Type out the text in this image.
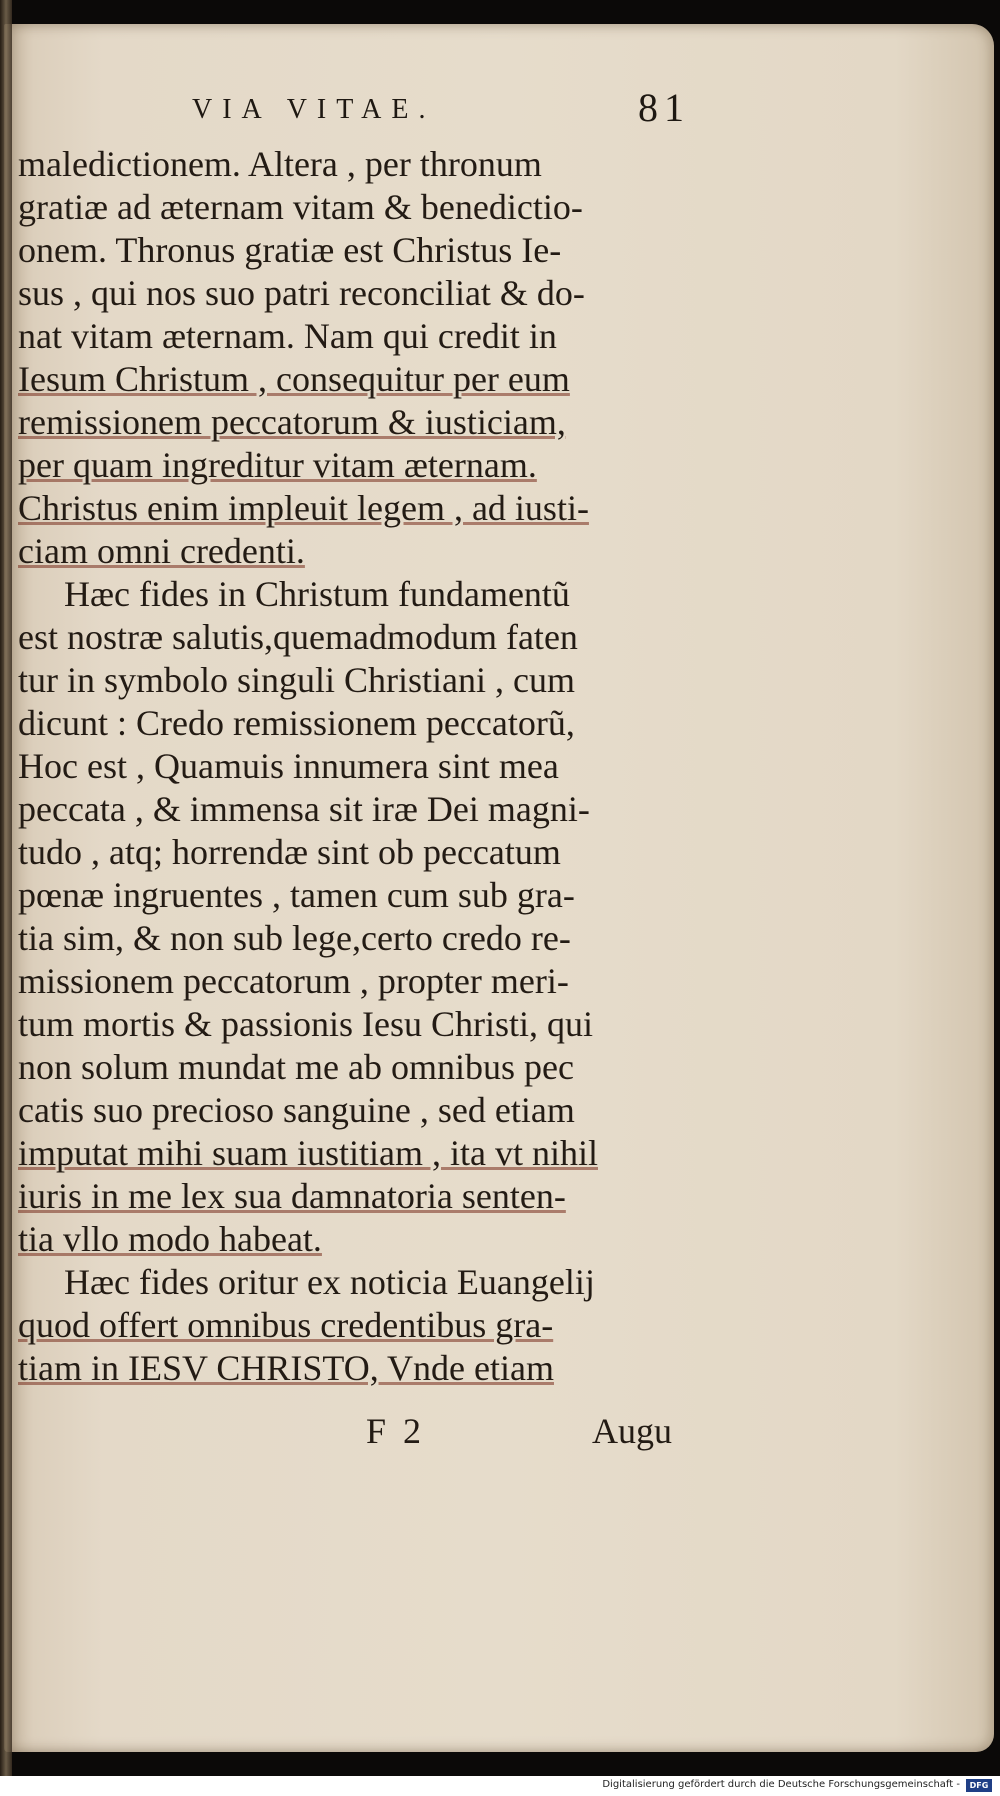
VIA VITAE.	81
maledictionem. Altera , per thronum
gratiæ ad æternam vitam & benedictio-
onem. Thronus gratiæ est Christus Ie-
sus , qui nos suo patri reconciliat & do-
nat vitam æternam. Nam qui credit in
Iesum Christum , consequitur per eum
remissionem peccatorum & iusticiam,
per quam ingreditur vitam æternam.
Christus enim impleuit legem , ad iusti-
ciam omni credenti.
Hæc fides in Christum fundamentũ
est nostræ salutis,quemadmodum faten
tur in symbolo singuli Christiani , cum
dicunt : Credo remissionem peccatorũ,
Hoc est , Quamuis innumera sint mea
peccata , & immensa sit iræ Dei magni-
tudo , atq; horrendæ sint ob peccatum
pœnæ ingruentes , tamen cum sub gra-
tia sim, & non sub lege,certo credo re-
missionem peccatorum , propter meri-
tum mortis & passionis Iesu Christi, qui
non solum mundat me ab omnibus pec
catis suo precioso sanguine , sed etiam
imputat mihi suam iustitiam , ita vt nihil
iuris in me lex sua damnatoria senten-
tia vllo modo habeat.
Hæc fides oritur ex noticia Euangelij
quod offert omnibus credentibus gra-
tiam in IESV CHRISTO, Vnde etiam
F 2	Augu
Digitalisierung gefördert durch die Deutsche Forschungsgemeinschaft -	DFG
